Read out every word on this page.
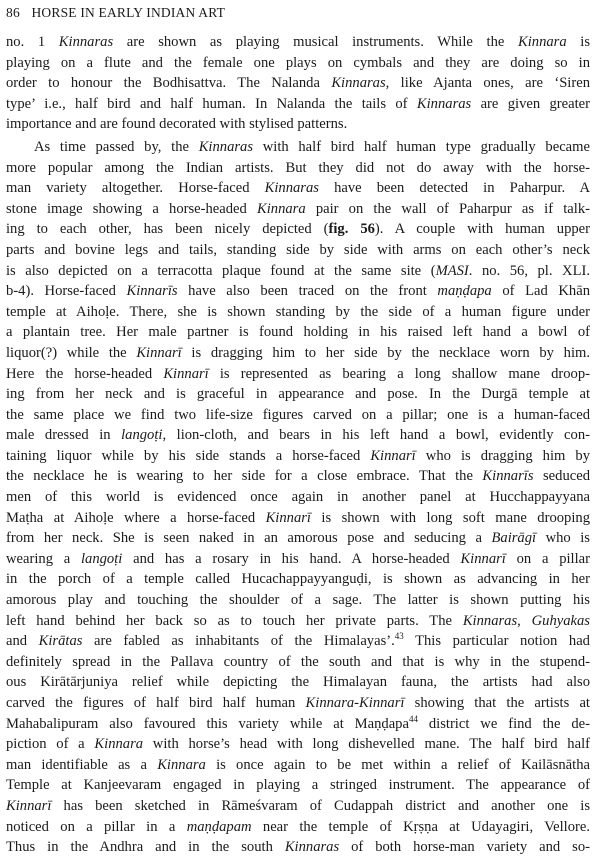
86 HORSE IN EARLY INDIAN ART
no. 1 Kinnaras are shown as playing musical instruments. While the Kinnara is
playing on a flute and the female one plays on cymbals and they are doing so in
order to honour the Bodhisattva. The Nalanda Kinnaras, like Ajanta ones, are ‘Siren
type’ i.e., half bird and half human. In Nalanda the tails of Kinnaras are given greater
importance and are found decorated with stylised patterns.
As time passed by, the Kinnaras with half bird half human type gradually became
more popular among the Indian artists. But they did not do away with the horse-
man variety altogether. Horse-faced Kinnaras have been detected in Paharpur. A
stone image showing a horse-headed Kinnara pair on the wall of Paharpur as if talk-
ing to each other, has been nicely depicted (fig. 56). A couple with human upper
parts and bovine legs and tails, standing side by side with arms on each other’s neck
is also depicted on a terracotta plaque found at the same site (MASI. no. 56, pl. XLI.
b-4). Horse-faced Kinnarīs have also been traced on the front maṇḍapa of Lad Khān
temple at Aihoḷe. There, she is shown standing by the side of a human figure under
a plantain tree. Her male partner is found holding in his raised left hand a bowl of
liquor(?) while the Kinnarī is dragging him to her side by the necklace worn by him.
Here the horse-headed Kinnarī is represented as bearing a long shallow mane droop-
ing from her neck and is graceful in appearance and pose. In the Durgā temple at
the same place we find two life-size figures carved on a pillar; one is a human-faced
male dressed in langoṭi, lion-cloth, and bears in his left hand a bowl, evidently con-
taining liquor while by his side stands a horse-faced Kinnarī who is dragging him by
the necklace he is wearing to her side for a close embrace. That the Kinnarīs seduced
men of this world is evidenced once again in another panel at Hucchappayyana
Maṭha at Aihoḷe where a horse-faced Kinnarī is shown with long soft mane drooping
from her neck. She is seen naked in an amorous pose and seducing a Bairāgī who is
wearing a langoṭi and has a rosary in his hand. A horse-headed Kinnarī on a pillar
in the porch of a temple called Hucachappayyanguḍi, is shown as advancing in her
amorous play and touching the shoulder of a sage. The latter is shown putting his
left hand behind her back so as to touch her private parts. The Kinnaras, Guhyakas
and Kirātas are fabled as inhabitants of the Himalayas’.$^{43}$ This particular notion had
definitely spread in the Pallava country of the south and that is why in the stupend-
ous Kirātārjuniya relief while depicting the Himalayan fauna, the artists had also
carved the figures of half bird half human Kinnara-Kinnarī showing that the artists at
Mahabalipuram also favoured this variety while at Maṇḍapa$^{44}$ district we find the de-
piction of a Kinnara with horse’s head with long dishevelled mane. The half bird half
man identifiable as a Kinnara is once again to be met within a relief of Kailāsnātha
Temple at Kanjeevaram engaged in playing a stringed instrument. The appearance of
Kinnarī has been sketched in Rāmeśvaram of Cudappah district and another one is
noticed on a pillar in a maṇḍapam near the temple of Kṛṣṇa at Udayagiri, Vellore.
Thus in the Andhra and in the south Kinnaras of both horse-man variety and so-
